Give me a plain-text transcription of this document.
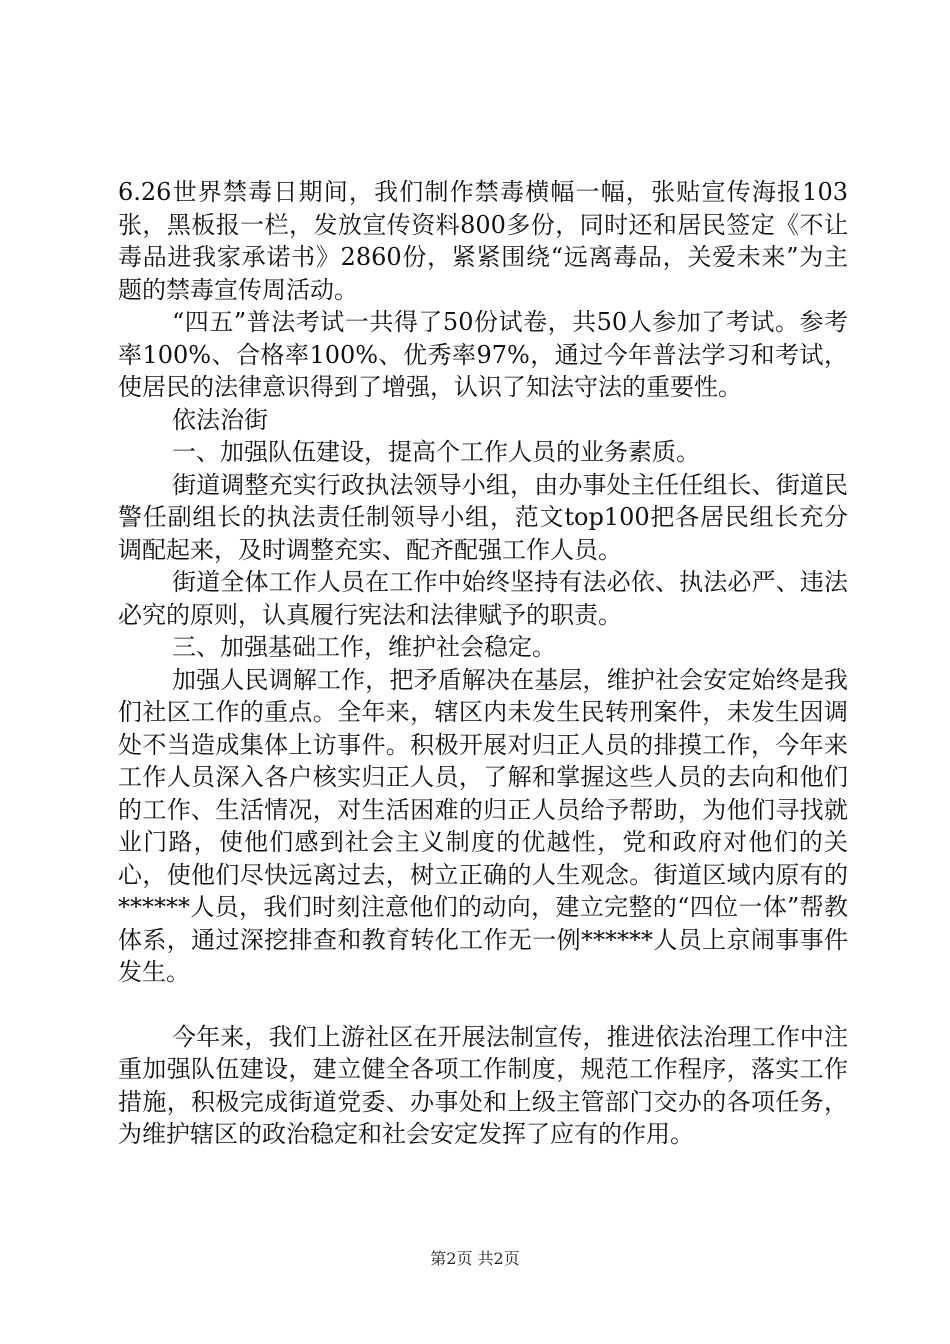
6.26世界禁毒日期间，我们制作禁毒横幅一幅，张贴宣传海报103张，黑板报一栏，发放宣传资料800多份，同时还和居民签定《不让毒品进我家承诺书》2860份，紧紧围绕“远离毒品，关爱未来”为主题的禁毒宣传周活动。

“四五”普法考试一共得了50份试卷，共50人参加了考试。参考率100%、合格率100%、优秀率97%，通过今年普法学习和考试，使居民的法律意识得到了增强，认识了知法守法的重要性。

依法治街

一、加强队伍建设，提高个工作人员的业务素质。

街道调整充实行政执法领导小组，由办事处主任任组长、街道民警任副组长的执法责任制领导小组，范文top100把各居民组长充分调配起来，及时调整充实、配齐配强工作人员。

街道全体工作人员在工作中始终坚持有法必依、执法必严、违法必究的原则，认真履行宪法和法律赋予的职责。

三、加强基础工作，维护社会稳定。

加强人民调解工作，把矛盾解决在基层，维护社会安定始终是我们社区工作的重点。全年来，辖区内未发生民转刑案件，未发生因调处不当造成集体上访事件。积极开展对归正人员的排摸工作，今年来工作人员深入各户核实归正人员，了解和掌握这些人员的去向和他们的工作、生活情况，对生活困难的归正人员给予帮助，为他们寻找就业门路，使他们感到社会主义制度的优越性，党和政府对他们的关心，使他们尽快远离过去，树立正确的人生观念。街道区域内原有的******人员，我们时刻注意他们的动向，建立完整的“四位一体”帮教体系，通过深挖排查和教育转化工作无一例******人员上京闹事事件发生。

今年来，我们上游社区在开展法制宣传，推进依法治理工作中注重加强队伍建设，建立健全各项工作制度，规范工作程序，落实工作措施，积极完成街道党委、办事处和上级主管部门交办的各项任务，为维护辖区的政治稳定和社会安定发挥了应有的作用。

第2页 共2页
